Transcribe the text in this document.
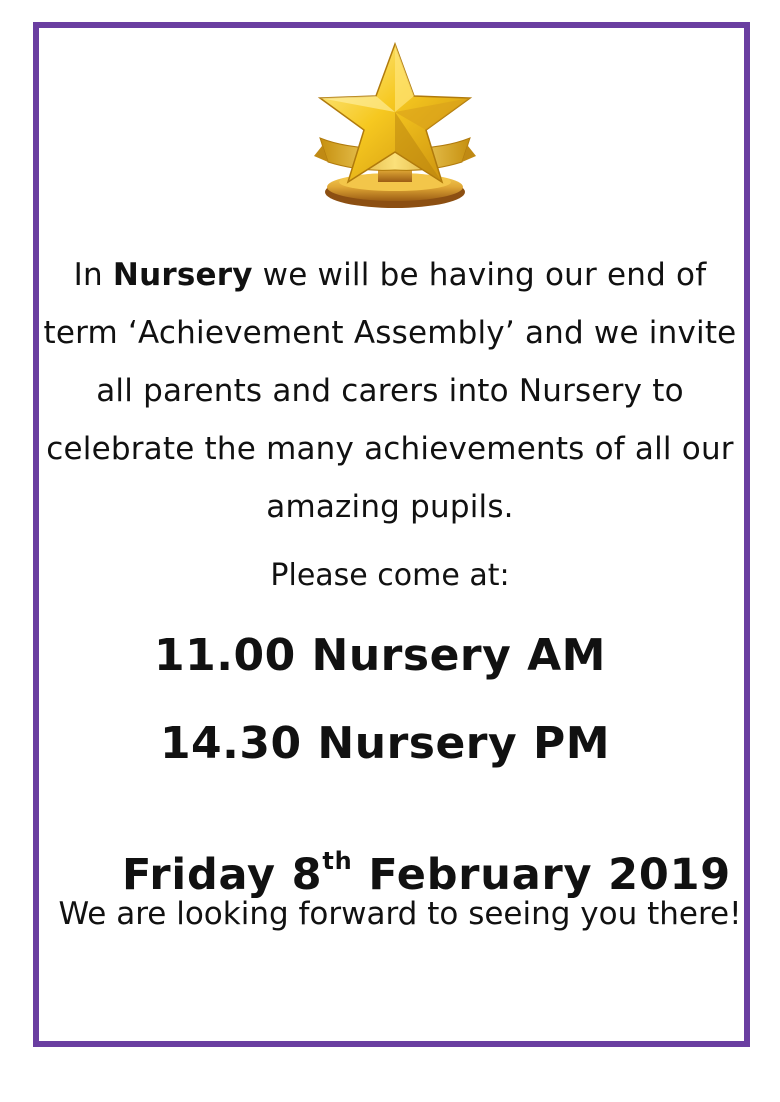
In Nursery we will be having our end of term ‘Achievement Assembly’ and we invite all parents and carers into Nursery to celebrate the many achievements of all our amazing pupils.

Please come at:

11.00 Nursery AM

14.30 Nursery PM

Friday 8th February 2019

We are looking forward to seeing you there!
